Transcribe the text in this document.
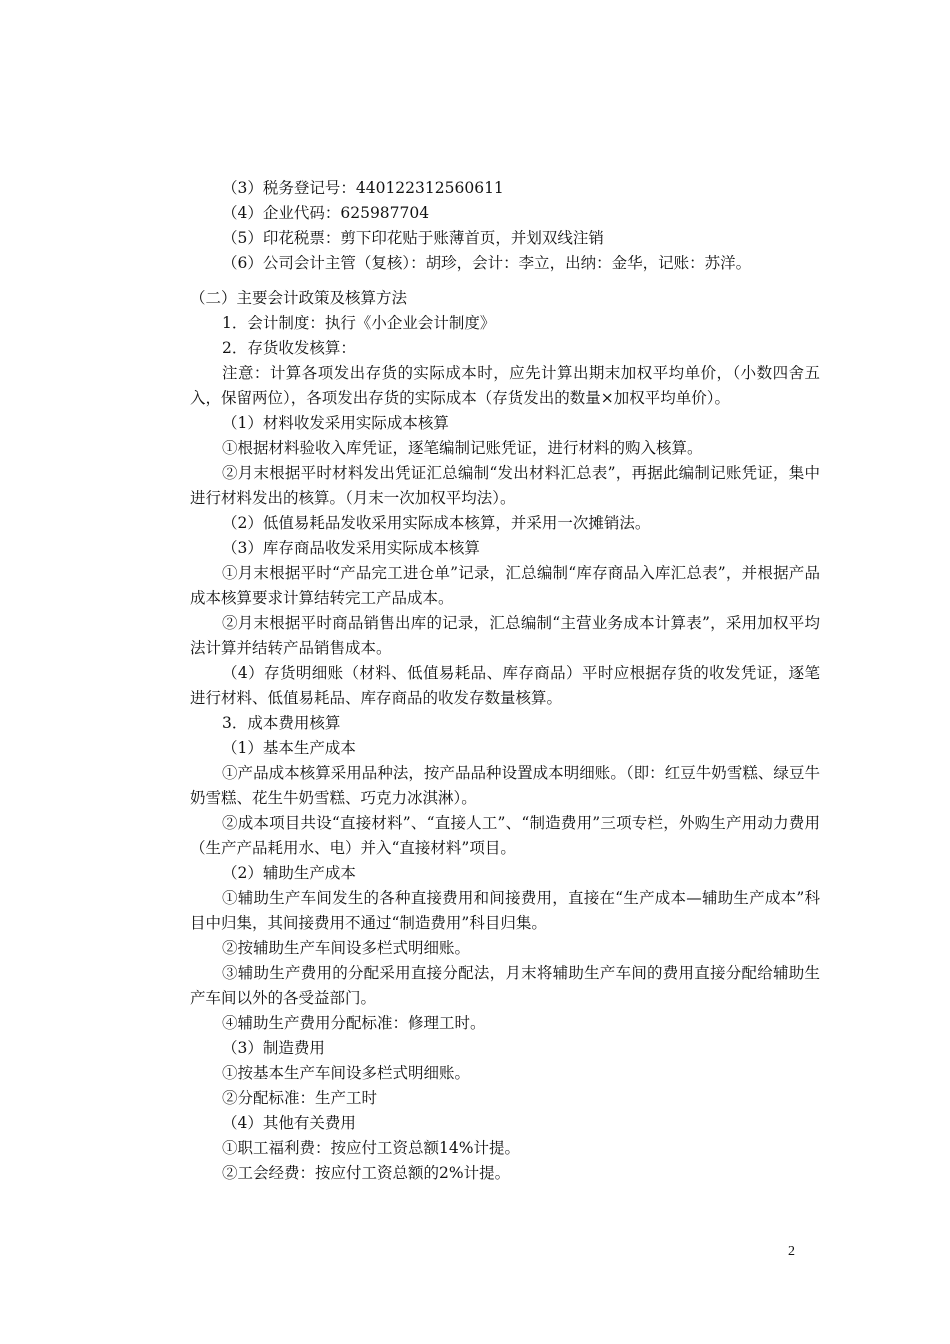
（3）税务登记号：440122312560611

（4）企业代码：625987704

（5）印花税票：剪下印花贴于账薄首页，并划双线注销

（6）公司会计主管（复核）：胡珍，会计：李立，出纳：金华，记账：苏洋。

（二）主要会计政策及核算方法

1．会计制度：执行《小企业会计制度》

2．存货收发核算：

注意：计算各项发出存货的实际成本时，应先计算出期末加权平均单价，（小数四舍五入，保留两位），各项发出存货的实际成本（存货发出的数量×加权平均单价）。

（1）材料收发采用实际成本核算

①根据材料验收入库凭证，逐笔编制记账凭证，进行材料的购入核算。

②月末根据平时材料发出凭证汇总编制“发出材料汇总表”，再据此编制记账凭证，集中进行材料发出的核算。（月末一次加权平均法）。

（2）低值易耗品发收采用实际成本核算，并采用一次摊销法。

（3）库存商品收发采用实际成本核算

①月末根据平时“产品完工进仓单”记录，汇总编制“库存商品入库汇总表”，并根据产品成本核算要求计算结转完工产品成本。

②月末根据平时商品销售出库的记录，汇总编制“主营业务成本计算表”，采用加权平均法计算并结转产品销售成本。

（4）存货明细账（材料、低值易耗品、库存商品）平时应根据存货的收发凭证，逐笔进行材料、低值易耗品、库存商品的收发存数量核算。

3．成本费用核算

（1）基本生产成本

①产品成本核算采用品种法，按产品品种设置成本明细账。（即：红豆牛奶雪糕、绿豆牛奶雪糕、花生牛奶雪糕、巧克力冰淇淋）。

②成本项目共设“直接材料”、“直接人工”、“制造费用”三项专栏，外购生产用动力费用（生产产品耗用水、电）并入“直接材料”项目。

（2）辅助生产成本

①辅助生产车间发生的各种直接费用和间接费用，直接在“生产成本—辅助生产成本”科目中归集，其间接费用不通过“制造费用”科目归集。

②按辅助生产车间设多栏式明细账。

③辅助生产费用的分配采用直接分配法，月末将辅助生产车间的费用直接分配给辅助生产车间以外的各受益部门。

④辅助生产费用分配标准：修理工时。

（3）制造费用

①按基本生产车间设多栏式明细账。

②分配标准：生产工时

（4）其他有关费用

①职工福利费：按应付工资总额14%计提。

②工会经费：按应付工资总额的2%计提。

2
